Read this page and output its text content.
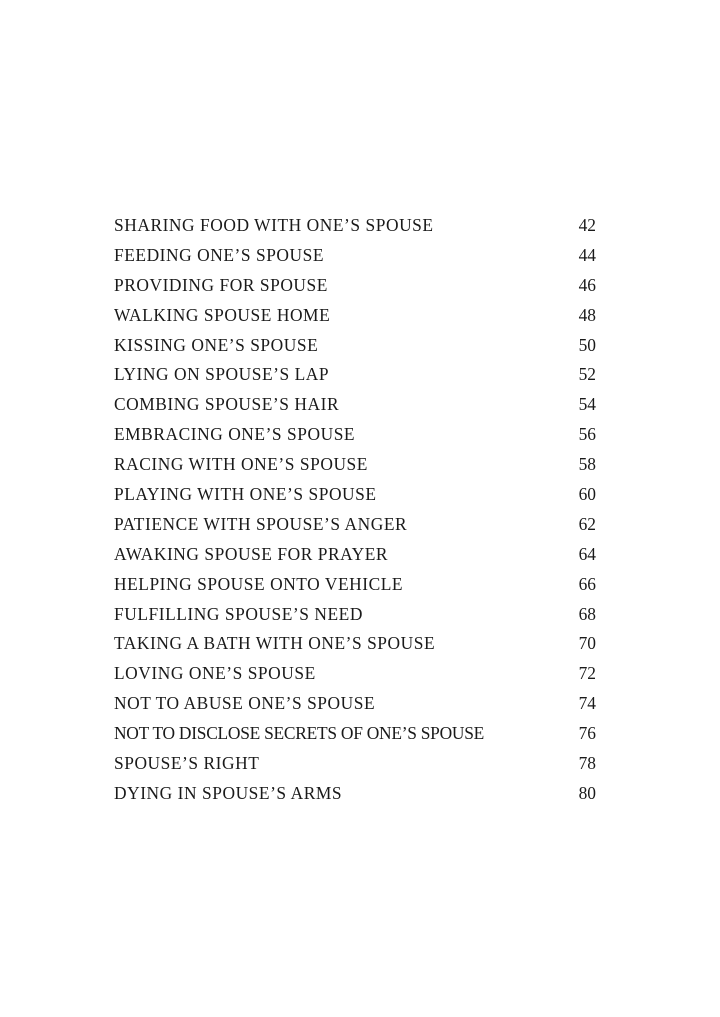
SHARING FOOD WITH ONE’S SPOUSE	42
FEEDING ONE’S SPOUSE	44
PROVIDING FOR SPOUSE	46
WALKING SPOUSE HOME	48
KISSING ONE’S SPOUSE	50
LYING ON SPOUSE’S LAP	52
COMBING SPOUSE’S HAIR	54
EMBRACING ONE’S SPOUSE	56
RACING WITH ONE’S SPOUSE	58
PLAYING WITH ONE’S SPOUSE	60
PATIENCE WITH SPOUSE’S ANGER	62
AWAKING SPOUSE FOR PRAYER	64
HELPING SPOUSE ONTO VEHICLE	66
FULFILLING SPOUSE’S NEED	68
TAKING A BATH WITH ONE’S SPOUSE	70
LOVING ONE’S SPOUSE	72
NOT TO ABUSE ONE’S SPOUSE	74
NOT TO DISCLOSE SECRETS OF ONE’S SPOUSE	76
SPOUSE’S RIGHT	78
DYING IN SPOUSE’S ARMS	80
